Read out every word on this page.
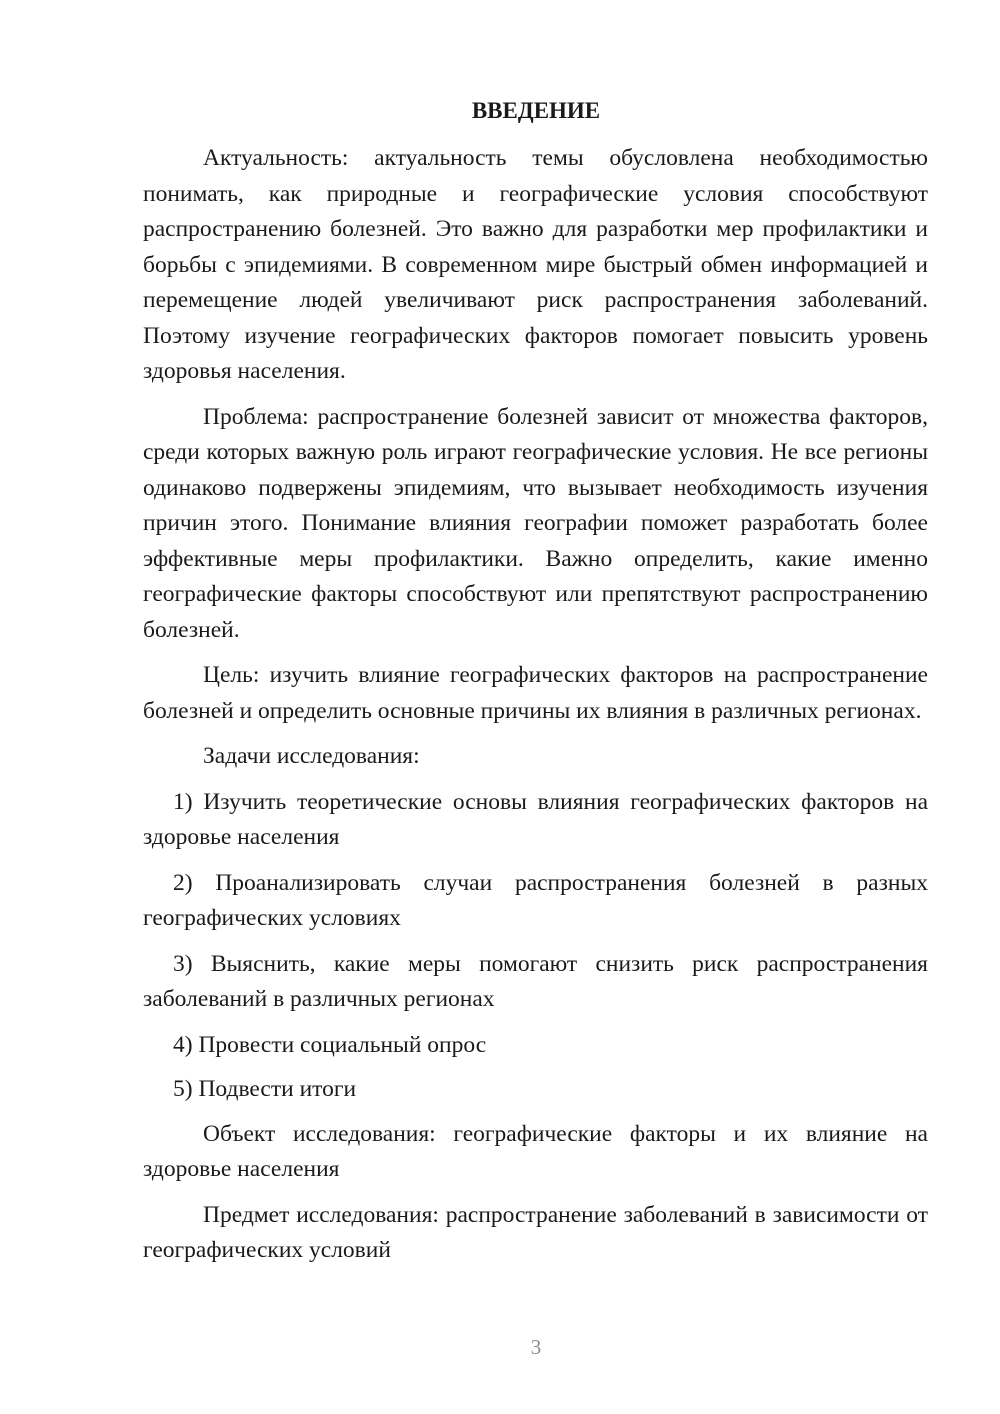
ВВЕДЕНИЕ

Актуальность: актуальность темы обусловлена необходимостью понимать, как природные и географические условия способствуют распространению болезней. Это важно для разработки мер профилактики и борьбы с эпидемиями. В современном мире быстрый обмен информацией и перемещение людей увеличивают риск распространения заболеваний. Поэтому изучение географических факторов помогает повысить уровень здоровья населения.

Проблема: распространение болезней зависит от множества факторов, среди которых важную роль играют географические условия. Не все регионы одинаково подвержены эпидемиям, что вызывает необходимость изучения причин этого. Понимание влияния географии поможет разработать более эффективные меры профилактики. Важно определить, какие именно географические факторы способствуют или препятствуют распространению болезней.

Цель: изучить влияние географических факторов на распространение болезней и определить основные причины их влияния в различных регионах.

Задачи исследования:

1) Изучить теоретические основы влияния географических факторов на здоровье населения

2) Проанализировать случаи распространения болезней в разных географических условиях

3) Выяснить, какие меры помогают снизить риск распространения заболеваний в различных регионах

4) Провести социальный опрос

5) Подвести итоги

Объект исследования: географические факторы и их влияние на здоровье населения

Предмет исследования: распространение заболеваний в зависимости от географических условий

3
